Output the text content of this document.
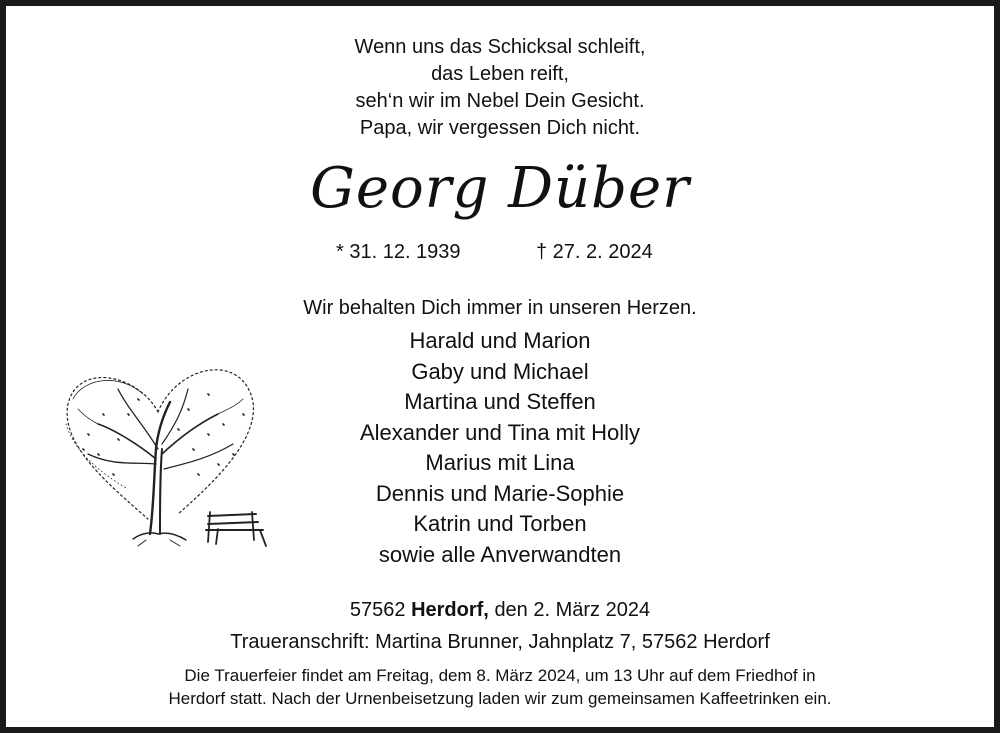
Wenn uns das Schicksal schleift,
das Leben reift,
seh‘n wir im Nebel Dein Gesicht.
Papa, wir vergessen Dich nicht.
Georg Düber
* 31. 12. 1939	† 27. 2. 2024
Wir behalten Dich immer in unseren Herzen.
Harald und Marion
Gaby und Michael
Martina und Steffen
Alexander und Tina mit Holly
Marius mit Lina
Dennis und Marie-Sophie
Katrin und Torben
sowie alle Anverwandten
57562 Herdorf, den 2. März 2024
Traueranschrift: Martina Brunner, Jahnplatz 7, 57562 Herdorf
Die Trauerfeier findet am Freitag, dem 8. März 2024, um 13 Uhr auf dem Friedhof in
Herdorf statt. Nach der Urnenbeisetzung laden wir zum gemeinsamen Kaffeetrinken ein.
